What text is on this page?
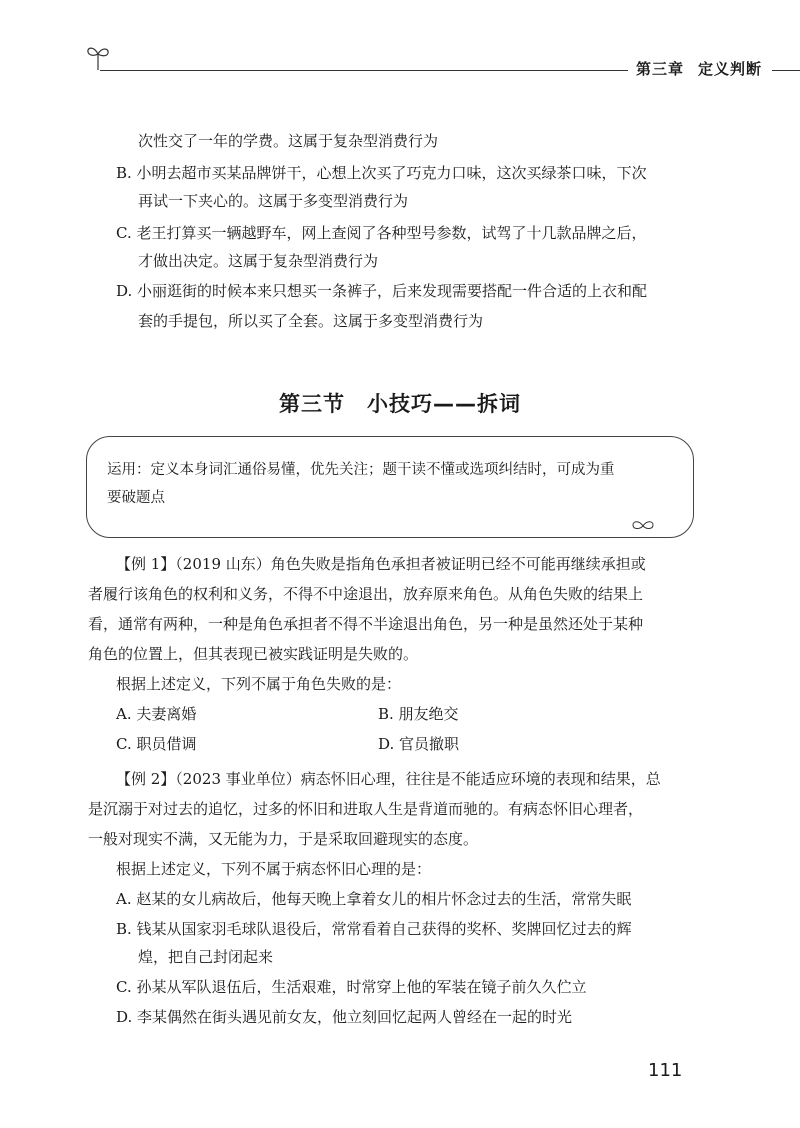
第三章 定义判断
次性交了一年的学费。这属于复杂型消费行为
B. 小明去超市买某品牌饼干，心想上次买了巧克力口味，这次买绿茶口味，下次
再试一下夹心的。这属于多变型消费行为
C. 老王打算买一辆越野车，网上查阅了各种型号参数，试驾了十几款品牌之后，
才做出决定。这属于复杂型消费行为
D. 小丽逛街的时候本来只想买一条裤子，后来发现需要搭配一件合适的上衣和配
套的手提包，所以买了全套。这属于多变型消费行为
第三节　小技巧——拆词
运用：定义本身词汇通俗易懂，优先关注；题干读不懂或选项纠结时，可成为重
要破题点
【例 1】（2019 山东）角色失败是指角色承担者被证明已经不可能再继续承担或
者履行该角色的权利和义务，不得不中途退出，放弃原来角色。从角色失败的结果上
看，通常有两种，一种是角色承担者不得不半途退出角色，另一种是虽然还处于某种
角色的位置上，但其表现已被实践证明是失败的。
根据上述定义，下列不属于角色失败的是：
A. 夫妻离婚	B. 朋友绝交
C. 职员借调	D. 官员撤职
【例 2】（2023 事业单位）病态怀旧心理，往往是不能适应环境的表现和结果，总
是沉溺于对过去的追忆，过多的怀旧和进取人生是背道而驰的。有病态怀旧心理者，
一般对现实不满，又无能为力，于是采取回避现实的态度。
根据上述定义，下列不属于病态怀旧心理的是：
A. 赵某的女儿病故后，他每天晚上拿着女儿的相片怀念过去的生活，常常失眠
B. 钱某从国家羽毛球队退役后，常常看着自己获得的奖杯、奖牌回忆过去的辉
煌，把自己封闭起来
C. 孙某从军队退伍后，生活艰难，时常穿上他的军装在镜子前久久伫立
D. 李某偶然在街头遇见前女友，他立刻回忆起两人曾经在一起的时光
111
